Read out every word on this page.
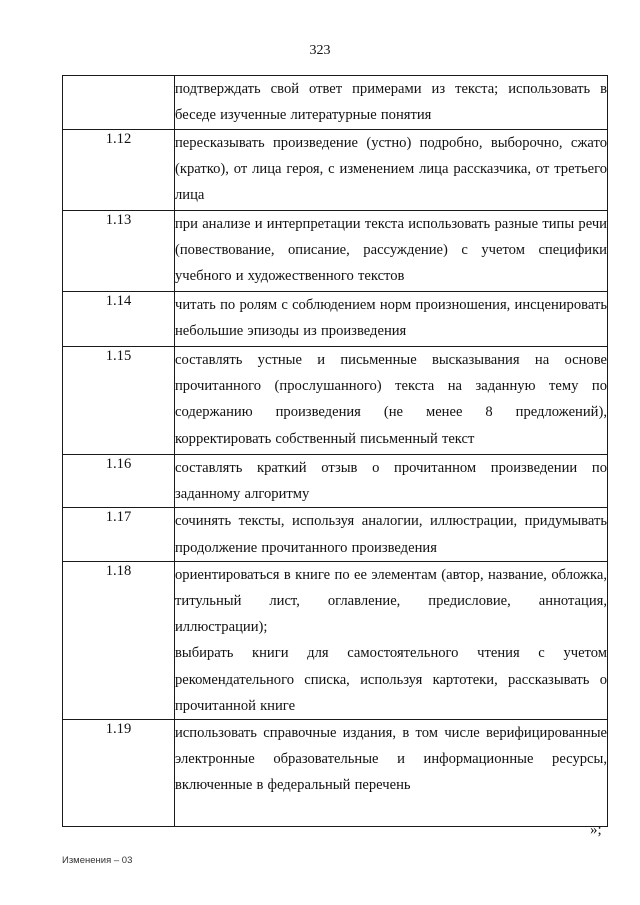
323

	подтверждать свой ответ примерами из текста; использовать в беседе изученные литературные понятия

1.12	пересказывать произведение (устно) подробно, выборочно, сжато (кратко), от лица героя, с изменением лица рассказчика, от третьего лица

1.13	при анализе и интерпретации текста использовать разные типы речи (повествование, описание, рассуждение) с учетом специфики учебного и художественного текстов

1.14	читать по ролям с соблюдением норм произношения, инсценировать небольшие эпизоды из произведения

1.15	составлять устные и письменные высказывания на основе прочитанного (прослушанного) текста на заданную тему по содержанию произведения (не менее 8 предложений), корректировать собственный письменный текст

1.16	составлять краткий отзыв о прочитанном произведении по заданному алгоритму

1.17	сочинять тексты, используя аналогии, иллюстрации, придумывать продолжение прочитанного произведения

1.18	ориентироваться в книге по ее элементам (автор, название, обложка, титульный лист, оглавление, предисловие, аннотация, иллюстрации);
выбирать книги для самостоятельного чтения с учетом рекомендательного списка, используя картотеки, рассказывать о прочитанной книге

1.19	использовать справочные издания, в том числе верифицированные электронные образовательные и информационные ресурсы, включенные в федеральный перечень
»;
Изменения – 03
